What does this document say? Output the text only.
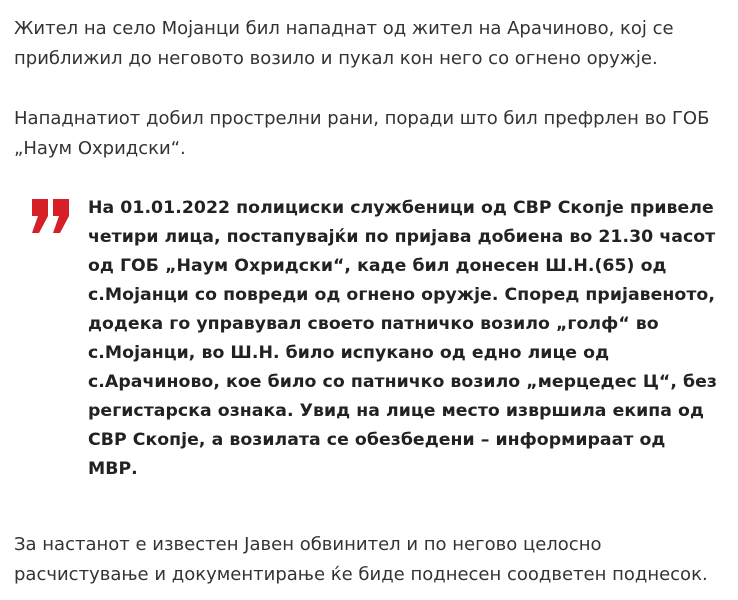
Жител на село Мојанци бил нападнат од жител на Арачиново, кој се приближил до неговото возило и пукал кон него со огнено оружје.

Нападнатиот добил прострелни рани, поради што бил префрлен во ГОБ „Наум Охридски“.

На 01.01.2022 полициски службеници од СВР Скопје привеле четири лица, постапувајќи по пријава добиена во 21.30 часот од ГОБ „Наум Охридски“, каде бил донесен Ш.Н.(65) од с.Мојанци со повреди од огнено оружје. Според пријавеното, додека го управувал своето патничко возило „голф“ во с.Мојанци, во Ш.Н. било испукано од едно лице од с.Арачиново, кое било со патничко возило „мерцедес Ц“, без регистарска ознака. Увид на лице место извршила екипа од СВР Скопје, а возилата се обезбедени – информираат од МВР.

За настанот е известен Јавен обвинител и по негово целосно расчистување и документирање ќе биде поднесен соодветен поднесок.
